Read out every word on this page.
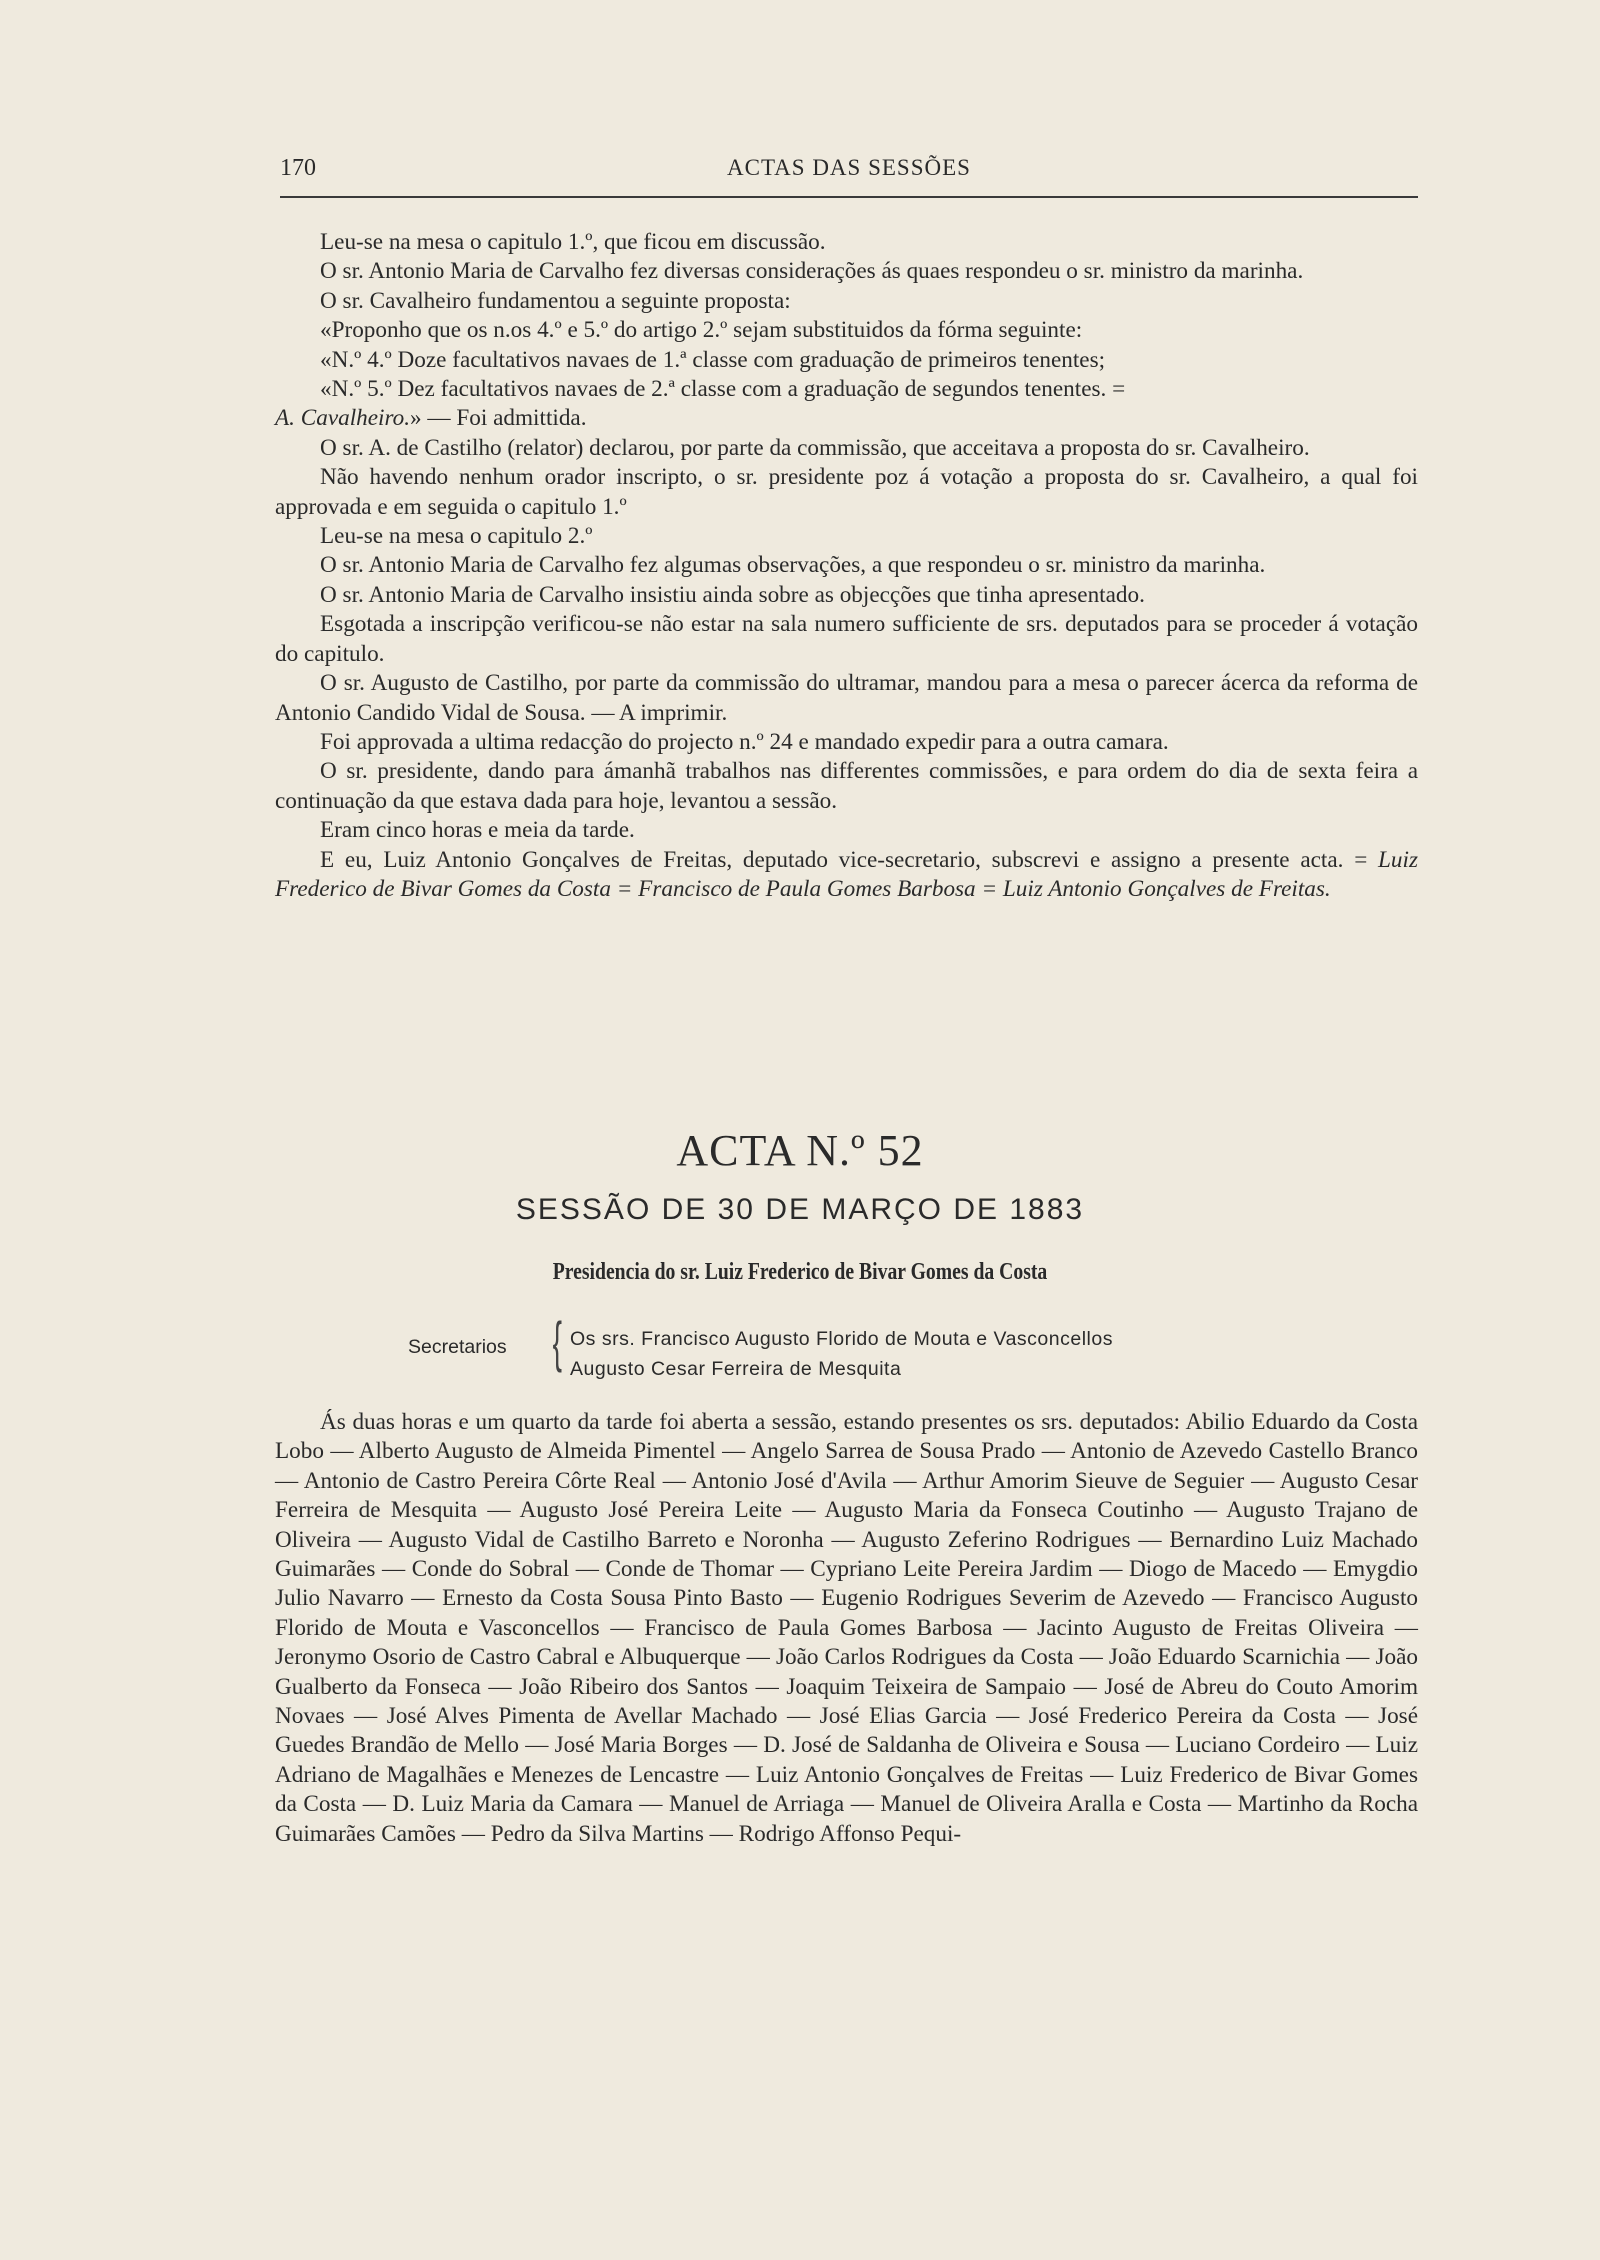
170	ACTAS DAS SESSÕES

Leu-se na mesa o capitulo 1.º, que ficou em discussão.

O sr. Antonio Maria de Carvalho fez diversas considerações ás quaes respondeu o sr. ministro da marinha.

O sr. Cavalheiro fundamentou a seguinte proposta:

«Proponho que os n.os 4.º e 5.º do artigo 2.º sejam substituidos da fórma seguinte:

«N.º 4.º Doze facultativos navaes de 1.ª classe com graduação de primeiros tenentes;

«N.º 5.º Dez facultativos navaes de 2.ª classe com a graduação de segundos tenentes. =

A. Cavalheiro.» — Foi admittida.

O sr. A. de Castilho (relator) declarou, por parte da commissão, que acceitava a proposta do sr. Cavalheiro.

Não havendo nenhum orador inscripto, o sr. presidente poz á votação a proposta do sr. Cavalheiro, a qual foi approvada e em seguida o capitulo 1.º

Leu-se na mesa o capitulo 2.º

O sr. Antonio Maria de Carvalho fez algumas observações, a que respondeu o sr. ministro da marinha.

O sr. Antonio Maria de Carvalho insistiu ainda sobre as objecções que tinha apresentado.

Esgotada a inscripção verificou-se não estar na sala numero sufficiente de srs. deputados para se proceder á votação do capitulo.

O sr. Augusto de Castilho, por parte da commissão do ultramar, mandou para a mesa o parecer ácerca da reforma de Antonio Candido Vidal de Sousa. — A imprimir.

Foi approvada a ultima redacção do projecto n.º 24 e mandado expedir para a outra camara.

O sr. presidente, dando para ámanhã trabalhos nas differentes commissões, e para ordem do dia de sexta feira a continuação da que estava dada para hoje, levantou a sessão.

Eram cinco horas e meia da tarde.

E eu, Luiz Antonio Gonçalves de Freitas, deputado vice-secretario, subscrevi e assigno a presente acta. = Luiz Frederico de Bivar Gomes da Costa = Francisco de Paula Gomes Barbosa = Luiz Antonio Gonçalves de Freitas.

ACTA N.º 52
SESSÃO DE 30 DE MARÇO DE 1883
Presidencia do sr. Luiz Frederico de Bivar Gomes da Costa
Secretarios { Os srs. Francisco Augusto Florido de Mouta e Vasconcellos
Augusto Cesar Ferreira de Mesquita

Ás duas horas e um quarto da tarde foi aberta a sessão, estando presentes os srs. deputados: Abilio Eduardo da Costa Lobo — Alberto Augusto de Almeida Pimentel — Angelo Sarrea de Sousa Prado — Antonio de Azevedo Castello Branco — Antonio de Castro Pereira Côrte Real — Antonio José d'Avila — Arthur Amorim Sieuve de Seguier — Augusto Cesar Ferreira de Mesquita — Augusto José Pereira Leite — Augusto Maria da Fonseca Coutinho — Augusto Trajano de Oliveira — Augusto Vidal de Castilho Barreto e Noronha — Augusto Zeferino Rodrigues — Bernardino Luiz Machado Guimarães — Conde do Sobral — Conde de Thomar — Cypriano Leite Pereira Jardim — Diogo de Macedo — Emygdio Julio Navarro — Ernesto da Costa Sousa Pinto Basto — Eugenio Rodrigues Severim de Azevedo — Francisco Augusto Florido de Mouta e Vasconcellos — Francisco de Paula Gomes Barbosa — Jacinto Augusto de Freitas Oliveira — Jeronymo Osorio de Castro Cabral e Albuquerque — João Carlos Rodrigues da Costa — João Eduardo Scarnichia — João Gualberto da Fonseca — João Ribeiro dos Santos — Joaquim Teixeira de Sampaio — José de Abreu do Couto Amorim Novaes — José Alves Pimenta de Avellar Machado — José Elias Garcia — José Frederico Pereira da Costa — José Guedes Brandão de Mello — José Maria Borges — D. José de Saldanha de Oliveira e Sousa — Luciano Cordeiro — Luiz Adriano de Magalhães e Menezes de Lencastre — Luiz Antonio Gonçalves de Freitas — Luiz Frederico de Bivar Gomes da Costa — D. Luiz Maria da Camara — Manuel de Arriaga — Manuel de Oliveira Aralla e Costa — Martinho da Rocha Guimarães Camões — Pedro da Silva Martins — Rodrigo Affonso Pequi-
